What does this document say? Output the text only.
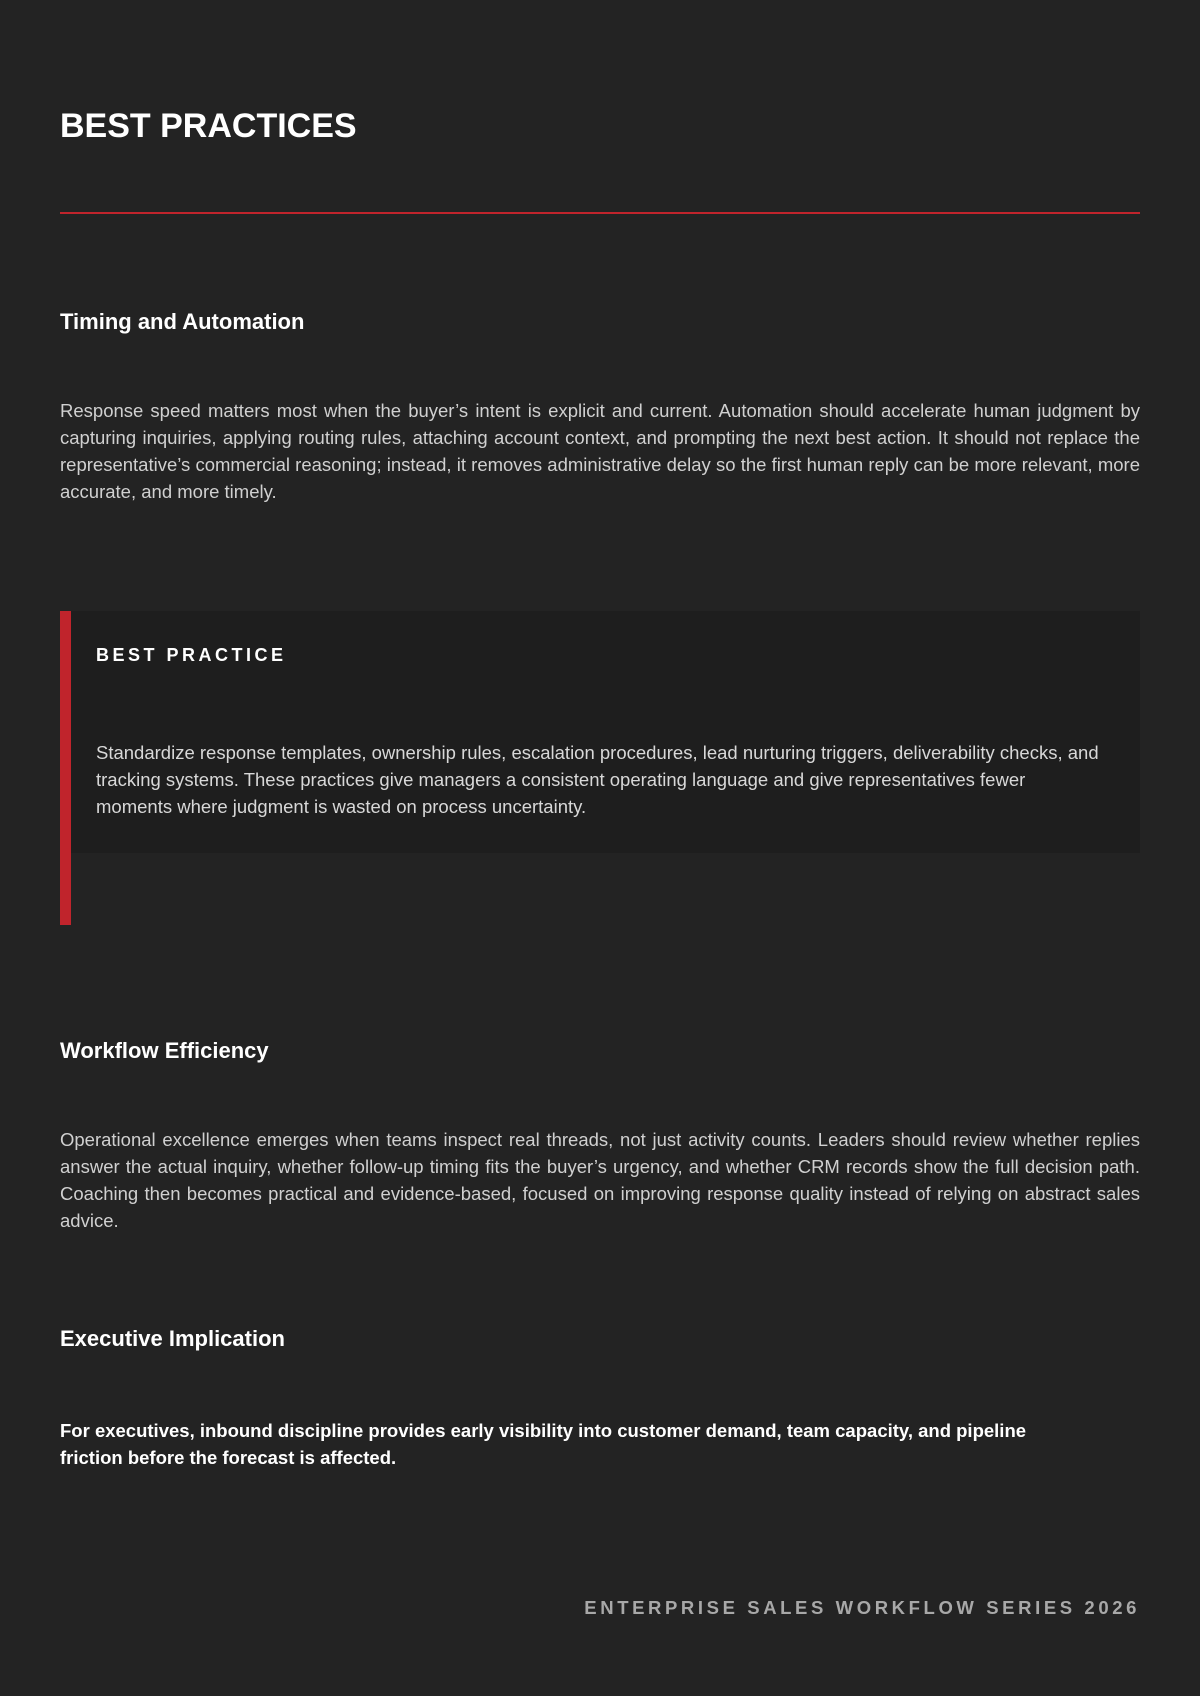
BEST PRACTICES
Timing and Automation

Response speed matters most when the buyer’s intent is explicit and current. Automation should accelerate human judgment by capturing inquiries, applying routing rules, attaching account context, and prompting the next best action. It should not replace the representative’s commercial reasoning; instead, it removes administrative delay so the first human reply can be more relevant, more accurate, and more timely.

BEST PRACTICE

Standardize response templates, ownership rules, escalation procedures, lead nurturing triggers, deliverability checks, and tracking systems. These practices give managers a consistent operating language and give representatives fewer moments where judgment is wasted on process uncertainty.

Workflow Efficiency

Operational excellence emerges when teams inspect real threads, not just activity counts. Leaders should review whether replies answer the actual inquiry, whether follow-up timing fits the buyer’s urgency, and whether CRM records show the full decision path. Coaching then becomes practical and evidence-based, focused on improving response quality instead of relying on abstract sales advice.

Executive Implication

For executives, inbound discipline provides early visibility into customer demand, team capacity, and pipeline friction before the forecast is affected.

ENTERPRISE SALES WORKFLOW SERIES 2026
